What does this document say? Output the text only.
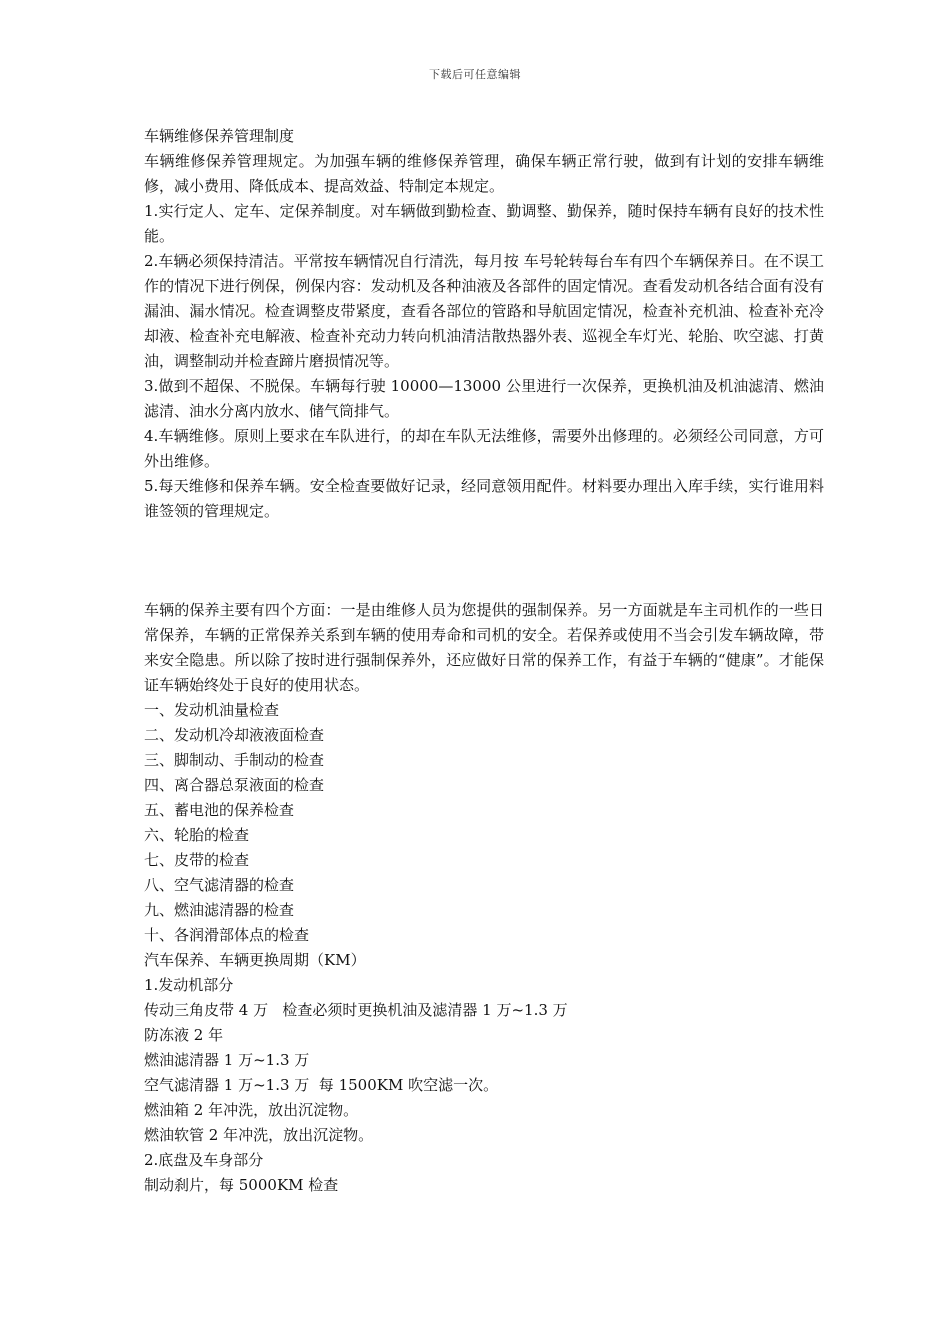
下载后可任意编辑

车辆维修保养管理制度

车辆维修保养管理规定。为加强车辆的维修保养管理，确保车辆正常行驶，做到有计划的安排车辆维修，减小费用、降低成本、提高效益、特制定本规定。

1.实行定人、定车、定保养制度。对车辆做到勤检查、勤调整、勤保养，随时保持车辆有良好的技术性能。

2.车辆必须保持清洁。平常按车辆情况自行清洗，每月按 车号轮转每台车有四个车辆保养日。在不误工作的情况下进行例保，例保内容：发动机及各种油液及各部件的固定情况。查看发动机各结合面有没有漏油、漏水情况。检查调整皮带紧度，查看各部位的管路和导航固定情况，检查补充机油、检查补充冷却液、检查补充电解液、检查补充动力转向机油清洁散热器外表、巡视全车灯光、轮胎、吹空滤、打黄油，调整制动并检查蹄片磨损情况等。

3.做到不超保、不脱保。车辆每行驶 10000—13000 公里进行一次保养，更换机油及机油滤清、燃油滤清、油水分离内放水、储气筒排气。

4.车辆维修。原则上要求在车队进行，的却在车队无法维修，需要外出修理的。必须经公司同意，方可外出维修。

5.每天维修和保养车辆。安全检查要做好记录，经同意领用配件。材料要办理出入库手续，实行谁用料谁签领的管理规定。

车辆的保养主要有四个方面：一是由维修人员为您提供的强制保养。另一方面就是车主司机作的一些日常保养，车辆的正常保养关系到车辆的使用寿命和司机的安全。若保养或使用不当会引发车辆故障，带来安全隐患。所以除了按时进行强制保养外，还应做好日常的保养工作，有益于车辆的“健康”。才能保证车辆始终处于良好的使用状态。

一、发动机油量检查

二、发动机冷却液液面检查

三、脚制动、手制动的检查

四、离合器总泵液面的检查

五、蓄电池的保养检查

六、轮胎的检查

七、皮带的检查

八、空气滤清器的检查

九、燃油滤清器的检查

十、各润滑部体点的检查

汽车保养、车辆更换周期（KM）

1.发动机部分

传动三角皮带 4 万   检查必须时更换机油及滤清器 1 万~1.3 万

防冻液 2 年

燃油滤清器 1 万~1.3 万

空气滤清器 1 万~1.3 万  每 1500KM 吹空滤一次。

燃油箱 2 年冲洗，放出沉淀物。

燃油软管 2 年冲洗，放出沉淀物。

2.底盘及车身部分

制动刹片，每 5000KM 检查
